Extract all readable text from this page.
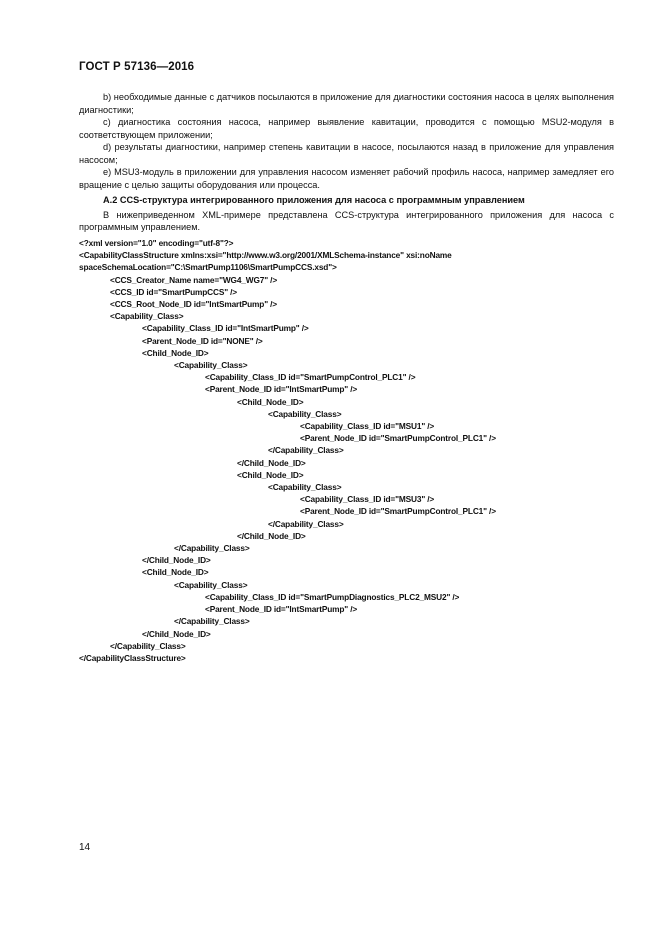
ГОСТ Р 57136—2016

b) необходимые данные с датчиков посылаются в приложение для диагностики состояния насоса в целях выполнения диагностики;

c) диагностика состояния насоса, например выявление кавитации, проводится с помощью MSU2-модуля в соответствующем приложении;

d) результаты диагностики, например степень кавитации в насосе, посылаются назад в приложение для управления насосом;

e) MSU3-модуль в приложении для управления насосом изменяет рабочий профиль насоса, например замедляет его вращение с целью защиты оборудования или процесса.

А.2 CCS-структура интегрированного приложения для насоса с программным управлением

В нижеприведенном XML-примере представлена CCS-структура интегрированного приложения для насоса с программным управлением.

<?xml version="1.0" encoding="utf-8"?>
<CapabilityClassStructure xmlns:xsi="http://www.w3.org/2001/XMLSchema-instance" xsi:noName
spaceSchemaLocation="C:\SmartPump1106\SmartPumpCCS.xsd">
<CCS_Creator_Name name="WG4_WG7" />
<CCS_ID id="SmartPumpCCS" />
<CCS_Root_Node_ID id="IntSmartPump" />
<Capability_Class>
<Capability_Class_ID id="IntSmartPump" />
<Parent_Node_ID id="NONE" />
<Child_Node_ID>
<Capability_Class>
<Capability_Class_ID id="SmartPumpControl_PLC1" />
<Parent_Node_ID id="IntSmartPump" />
<Child_Node_ID>
<Capability_Class>
<Capability_Class_ID id="MSU1" />
<Parent_Node_ID id="SmartPumpControl_PLC1" />
</Capability_Class>
</Child_Node_ID>
<Child_Node_ID>
<Capability_Class>
<Capability_Class_ID id="MSU3" />
<Parent_Node_ID id="SmartPumpControl_PLC1" />
</Capability_Class>
</Child_Node_ID>
</Capability_Class>
</Child_Node_ID>
<Child_Node_ID>
<Capability_Class>
<Capability_Class_ID id="SmartPumpDiagnostics_PLC2_MSU2" />
<Parent_Node_ID id="IntSmartPump" />
</Capability_Class>
</Child_Node_ID>
</Capability_Class>
</CapabilityClassStructure>
14
